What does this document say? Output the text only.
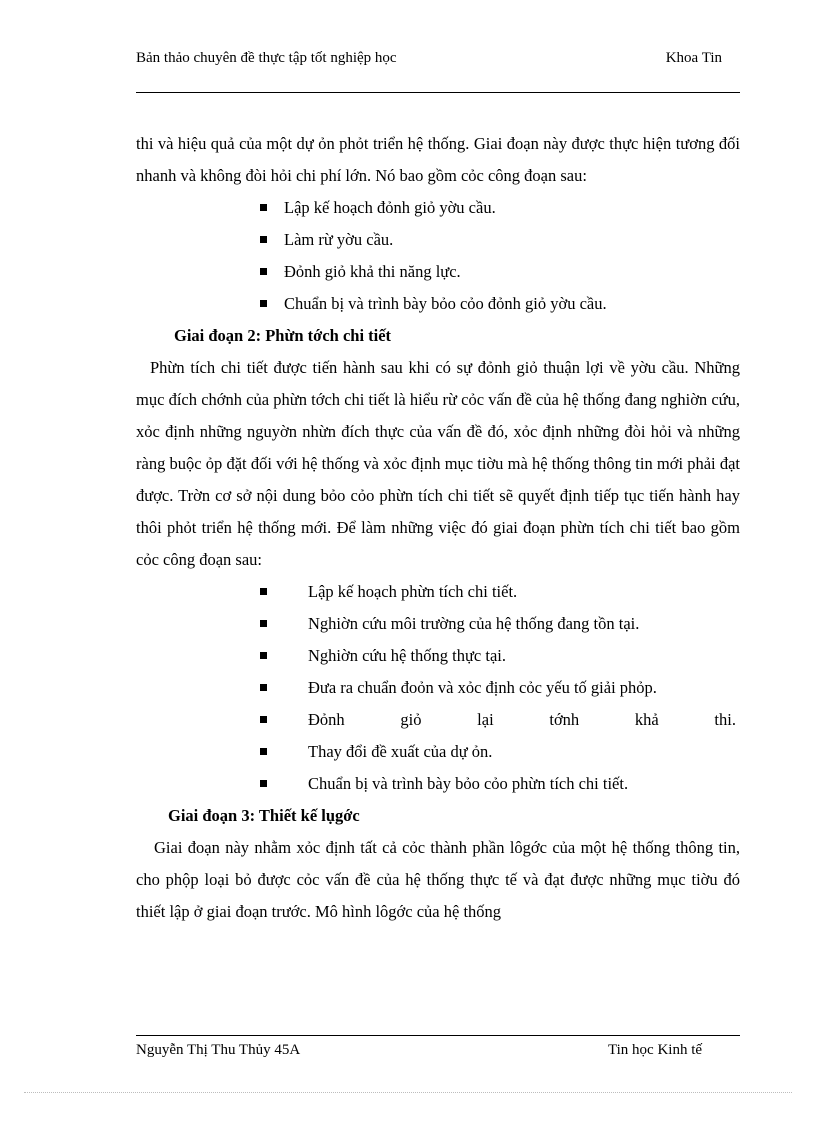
Bản thảo chuyên đề thực tập tốt nghiệp học	Khoa Tin

thi và hiệu quả của một dự ỏn phỏt triển hệ thống. Giai đoạn này được thực hiện tương đối nhanh và không đòi hỏi chi phí lớn. Nó bao gồm cỏc công đoạn sau:

Lập kế hoạch đỏnh giỏ yờu cầu.
Làm rừ yờu cầu.
Đỏnh giỏ khả thi năng lực.
Chuẩn bị và trình bày bỏo cỏo đỏnh giỏ yờu cầu.

Giai đoạn 2: Phừn tớch chi tiết

Phừn tích chi tiết được tiến hành sau khi có sự đỏnh giỏ thuận lợi về yờu cầu. Những mục đích chớnh của phừn tớch chi tiết là hiểu rừ cỏc vấn đề của hệ thống đang nghiờn cứu, xỏc định những nguyờn nhừn đích thực của vấn đề đó, xỏc định những đòi hỏi và những ràng buộc ỏp đặt đối với hệ thống và xỏc định mục tiờu mà hệ thống thông tin mới phải đạt được. Trờn cơ sở nội dung bỏo cỏo phừn tích chi tiết sẽ quyết định tiếp tục tiến hành hay thôi phỏt triển hệ thống mới. Để làm những việc đó giai đoạn phừn tích chi tiết bao gồm cỏc công đoạn sau:

Lập kế hoạch phừn tích chi tiết.
Nghiờn cứu môi trường của hệ thống đang tồn tại.
Nghiờn cứu hệ thống thực tại.
Đưa ra chuẩn đoỏn và xỏc định cỏc yếu tố giải phỏp.
Đỏnh	giỏ	lại	tớnh	khả	thi.
Thay đổi đề xuất của dự ỏn.
Chuẩn bị và trình bày bỏo cỏo phừn tích chi tiết.

Giai đoạn 3: Thiết kế lụgớc

Giai đoạn này nhằm xỏc định tất cả cỏc thành phần lôgớc của một hệ thống thông tin, cho phộp loại bỏ được cỏc vấn đề của hệ thống thực tế và đạt được những mục tiờu đó thiết lập ở giai đoạn trước. Mô hình lôgớc của hệ thống

Nguyễn Thị Thu Thủy 45A	Tin học Kinh tế
